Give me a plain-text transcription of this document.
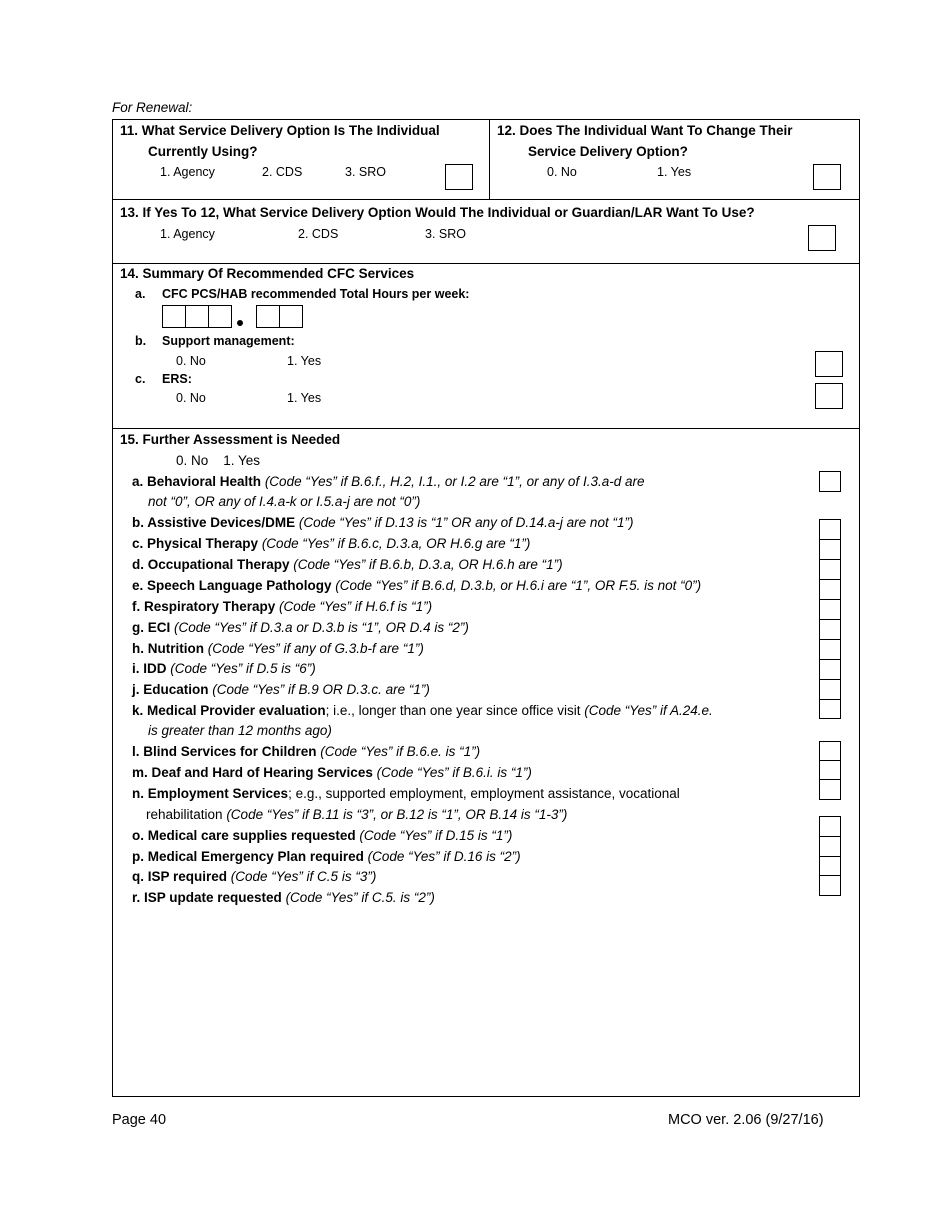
For Renewal:
11. What Service Delivery Option Is The Individual
Currently Using?
1. Agency	2. CDS	3. SRO
12. Does The Individual Want To Change Their
Service Delivery Option?
0. No	1. Yes
13. If Yes To 12, What Service Delivery Option Would The Individual or Guardian/LAR Want To Use?
1. Agency	2. CDS	3. SRO
14. Summary Of Recommended CFC Services
a. CFC PCS/HAB recommended Total Hours per week:
b. Support management:
0. No	1. Yes
c. ERS:
0. No	1. Yes
15. Further Assessment is Needed
0. No    1. Yes
a. Behavioral Health (Code “Yes” if B.6.f., H.2, I.1., or I.2 are “1”, or any of I.3.a-d are
not “0”, OR any of I.4.a-k or I.5.a-j are not “0”)
b. Assistive Devices/DME (Code “Yes” if D.13 is “1” OR any of D.14.a-j are not “1”)
c. Physical Therapy (Code “Yes” if B.6.c, D.3.a, OR H.6.g are “1”)
d. Occupational Therapy (Code “Yes” if B.6.b, D.3.a, OR H.6.h are “1”)
e. Speech Language Pathology (Code “Yes” if B.6.d, D.3.b, or H.6.i are “1”, OR F.5. is not “0”)
f. Respiratory Therapy (Code “Yes” if H.6.f is “1”)
g. ECI (Code “Yes” if D.3.a or D.3.b is “1”, OR D.4 is “2”)
h. Nutrition (Code “Yes” if any of G.3.b-f are “1”)
i. IDD (Code “Yes” if D.5 is “6”)
j. Education (Code “Yes” if B.9 OR D.3.c. are “1”)
k. Medical Provider evaluation; i.e., longer than one year since office visit (Code “Yes” if A.24.e.
is greater than 12 months ago)
l. Blind Services for Children (Code “Yes” if B.6.e. is “1”)
m. Deaf and Hard of Hearing Services (Code “Yes” if B.6.i. is “1”)
n. Employment Services; e.g., supported employment, employment assistance, vocational
rehabilitation (Code “Yes” if B.11 is “3”, or B.12 is “1”, OR B.14 is “1-3”)
o. Medical care supplies requested (Code “Yes” if D.15 is “1”)
p. Medical Emergency Plan required (Code “Yes” if D.16 is “2”)
q. ISP required (Code “Yes” if C.5 is “3”)
r. ISP update requested (Code “Yes” if C.5. is “2”)
Page 40	MCO ver. 2.06 (9/27/16)
